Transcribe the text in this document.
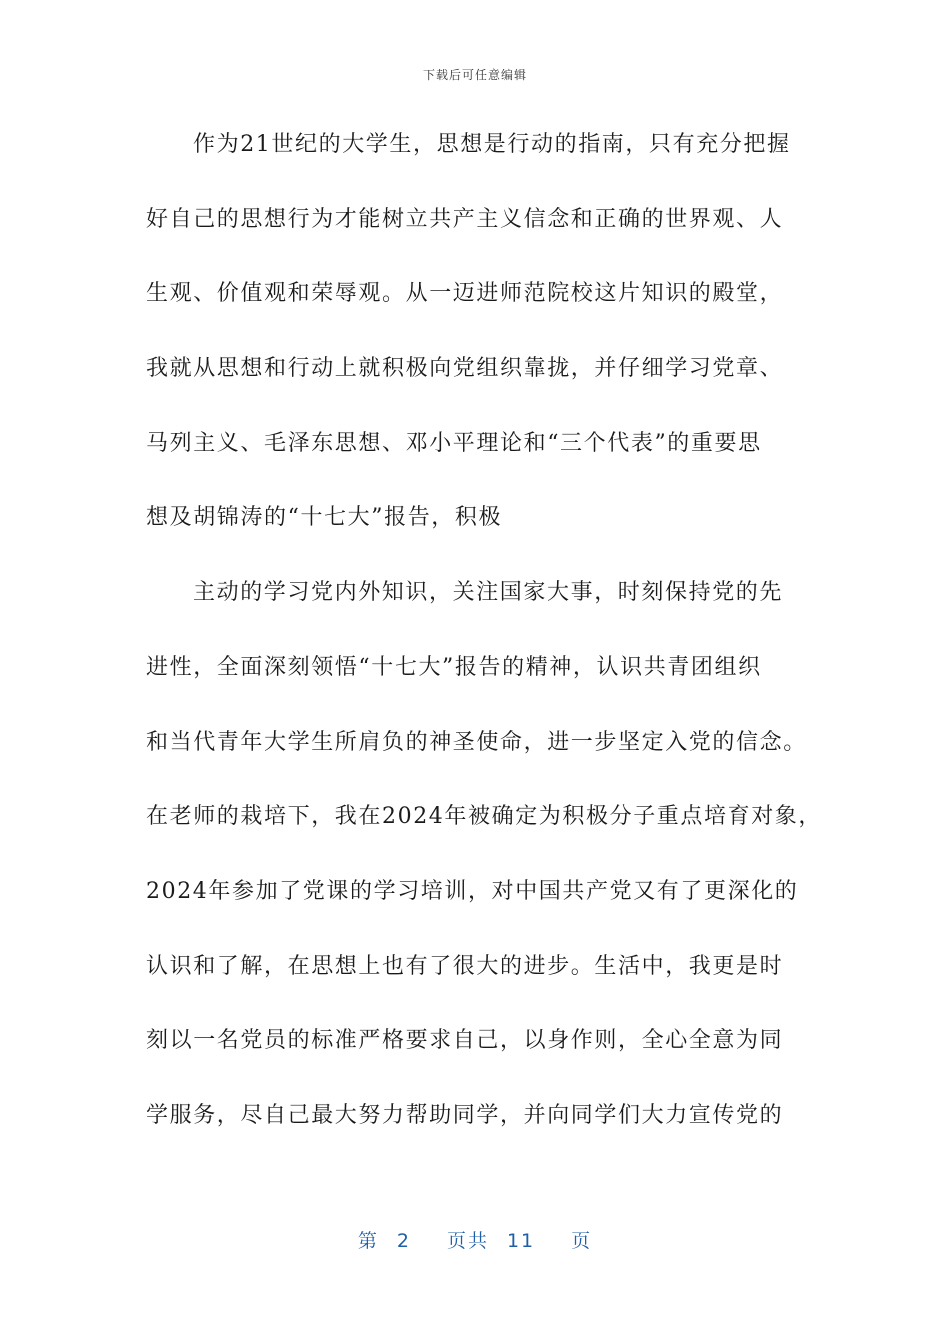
下载后可任意编辑
作为21世纪的大学生，思想是行动的指南，只有充分把握
好自己的思想行为才能树立共产主义信念和正确的世界观、人
生观、价值观和荣辱观。从一迈进师范院校这片知识的殿堂，
我就从思想和行动上就积极向党组织靠拢，并仔细学习党章、
马列主义、毛泽东思想、邓小平理论和“三个代表”的重要思
想及胡锦涛的“十七大”报告，积极
主动的学习党内外知识，关注国家大事，时刻保持党的先
进性，全面深刻领悟“十七大”报告的精神，认识共青团组织
和当代青年大学生所肩负的神圣使命，进一步坚定入党的信念。
在老师的栽培下，我在2024年被确定为积极分子重点培育对象，
2024年参加了党课的学习培训，对中国共产党又有了更深化的
认识和了解，在思想上也有了很大的进步。生活中，我更是时
刻以一名党员的标准严格要求自己，以身作则，全心全意为同
学服务，尽自己最大努力帮助同学，并向同学们大力宣传党的
第 2 页共 11 页
